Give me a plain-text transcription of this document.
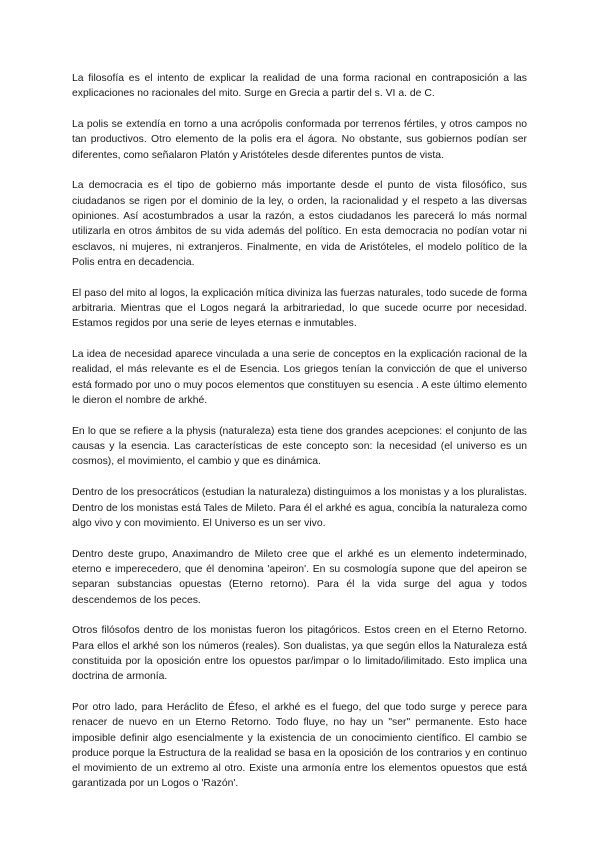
La filosofía es el intento de explicar la realidad de una forma racional en contraposición a las explicaciones no racionales del mito. Surge en Grecia a partir del s. VI a. de C.

La polis se extendía en torno a una acrópolis conformada por terrenos fértiles, y otros campos no tan productivos. Otro elemento de la polis era el ágora. No obstante, sus gobiernos podían ser diferentes, como señalaron Platón y Aristóteles desde diferentes puntos de vista.

La democracia es el tipo de gobierno más importante desde el punto de vista filosófico, sus ciudadanos se rigen por el dominio de la ley, o orden, la racionalidad y el respeto a las diversas opiniones. Así acostumbrados a usar la razón, a estos ciudadanos les parecerá lo más normal utilizarla en otros ámbitos de su vida además del político. En esta democracia no podían votar ni esclavos, ni mujeres, ni extranjeros. Finalmente, en vida de Aristóteles, el modelo político de la Polis entra en decadencia.

El paso del mito al logos, la explicación mítica diviniza las fuerzas naturales, todo sucede de forma arbitraria. Mientras que el Logos negará la arbitrariedad, lo que sucede ocurre por necesidad. Estamos regidos por una serie de leyes eternas e inmutables.

La idea de necesidad aparece vinculada a una serie de conceptos en la explicación racional de la realidad, el más relevante es el de Esencia. Los griegos tenían la convicción de que el universo está formado por uno o muy pocos elementos que constituyen su esencia . A este último elemento le dieron el nombre de arkhé.

En lo que se refiere a la physis (naturaleza) esta tiene dos grandes acepciones: el conjunto de las causas y la esencia. Las características de este concepto son: la necesidad (el universo es un cosmos), el movimiento, el cambio y que es dinámica.

Dentro de los presocráticos (estudian la naturaleza) distinguimos a los monistas y a los pluralistas. Dentro de los monistas está Tales de Mileto. Para él el arkhé es agua, concibía la naturaleza como algo vivo y con movimiento. El Universo es un ser vivo.

Dentro deste grupo, Anaximandro de Mileto cree que el arkhé es un elemento indeterminado, eterno e imperecedero, que él denomina 'apeiron'. En su cosmología supone que del apeiron se separan substancias opuestas (Eterno retorno). Para él la vida surge del agua y todos descendemos de los peces.

Otros filósofos dentro de los monistas fueron los pitagóricos. Estos creen en el Eterno Retorno. Para ellos el arkhé son los números (reales). Son dualistas, ya que según ellos la Naturaleza está constituida por la oposición entre los opuestos par/impar o lo limitado/ilimitado. Esto implica una doctrina de armonía.

Por otro lado, para Heráclito de Éfeso, el arkhé es el fuego, del que todo surge y perece para renacer de nuevo en un Eterno Retorno. Todo fluye, no hay un "ser" permanente. Esto hace imposible definir algo esencialmente y la existencia de un conocimiento científico. El cambio se produce porque la Estructura de la realidad se basa en la oposición de los contrarios y en continuo el movimiento de un extremo al otro. Existe una armonía entre los elementos opuestos que está garantizada por un Logos o 'Razón'.
